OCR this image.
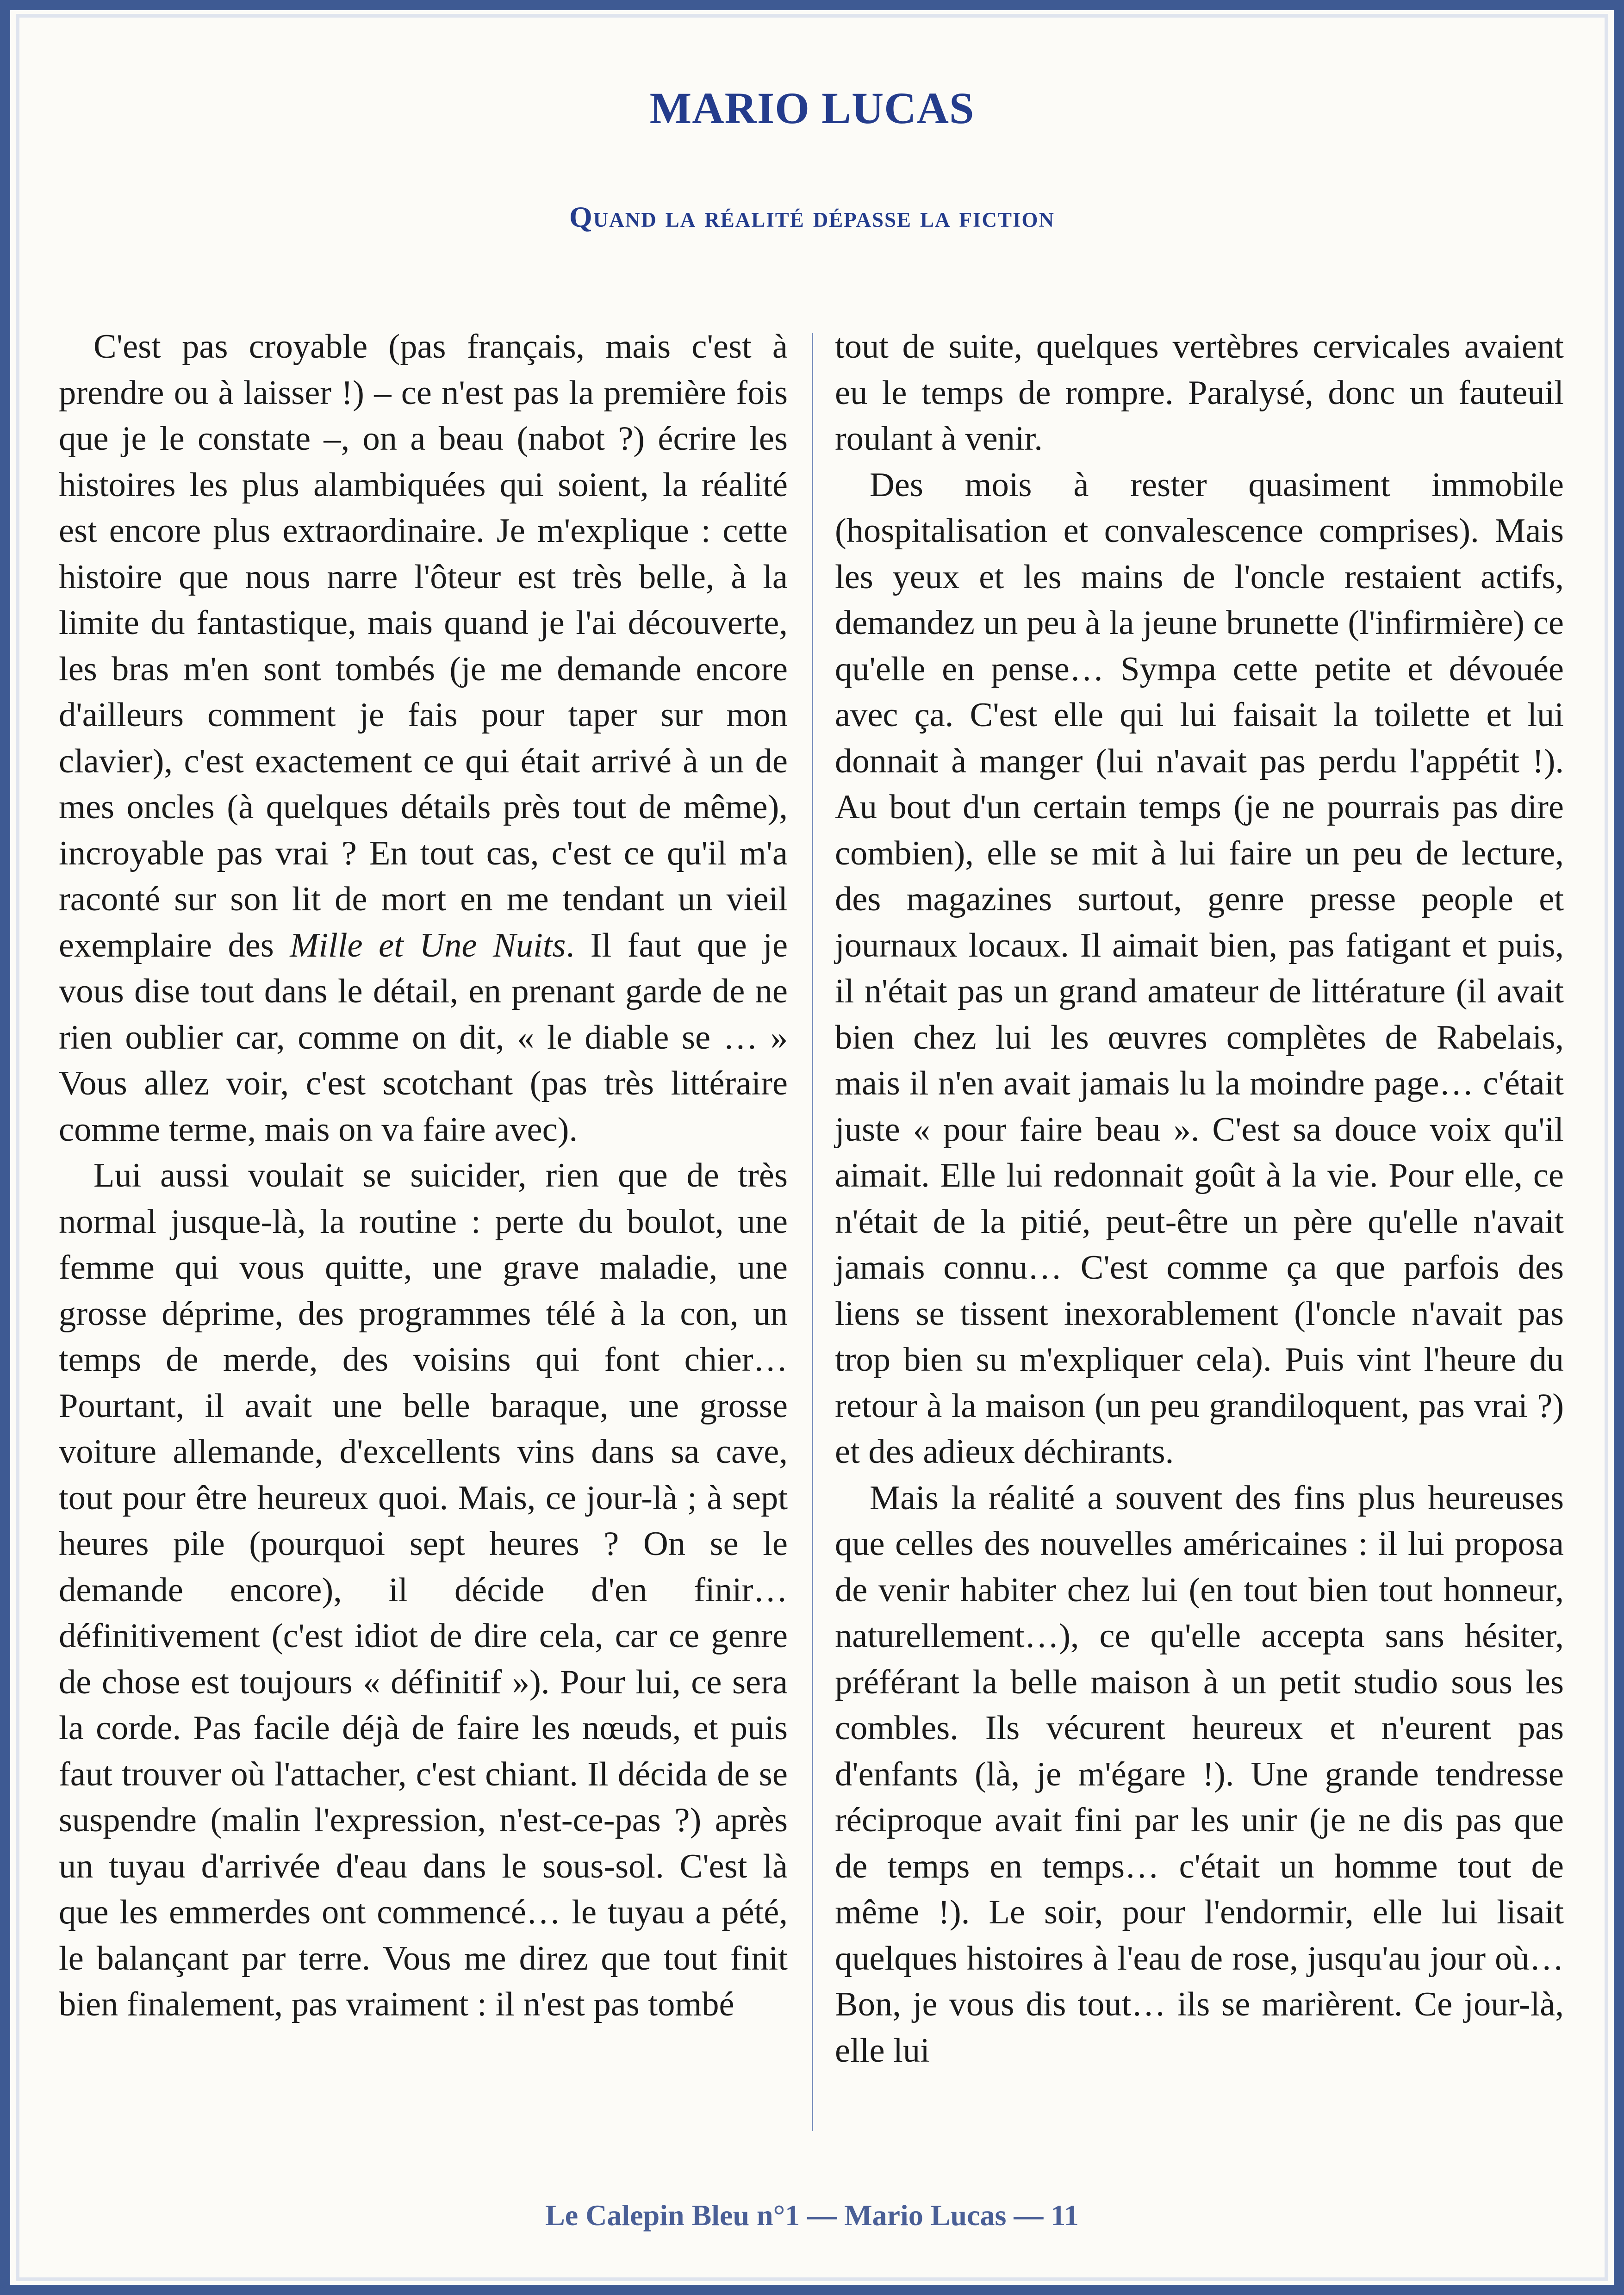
MARIO LUCAS
Quand la réalité dépasse la fiction

C'est pas croyable (pas français, mais c'est à prendre ou à laisser !) – ce n'est pas la première fois que je le constate –, on a beau (nabot ?) écrire les histoires les plus alambiquées qui soient, la réalité est encore plus extraordinaire. Je m'explique : cette histoire que nous narre l'ôteur est très belle, à la limite du fantastique, mais quand je l'ai découverte, les bras m'en sont tombés (je me demande encore d'ailleurs comment je fais pour taper sur mon clavier), c'est exactement ce qui était arrivé à un de mes oncles (à quelques détails près tout de même), incroyable pas vrai ? En tout cas, c'est ce qu'il m'a raconté sur son lit de mort en me tendant un vieil exemplaire des Mille et Une Nuits. Il faut que je vous dise tout dans le détail, en prenant garde de ne rien oublier car, comme on dit, « le diable se … » Vous allez voir, c'est scotchant (pas très littéraire comme terme, mais on va faire avec).

Lui aussi voulait se suicider, rien que de très normal jusque-là, la routine : perte du boulot, une femme qui vous quitte, une grave maladie, une grosse déprime, des programmes télé à la con, un temps de merde, des voisins qui font chier… Pourtant, il avait une belle baraque, une grosse voiture allemande, d'excellents vins dans sa cave, tout pour être heureux quoi. Mais, ce jour-là ; à sept heures pile (pourquoi sept heures ? On se le demande encore), il décide d'en finir… définitivement (c'est idiot de dire cela, car ce genre de chose est toujours « définitif »). Pour lui, ce sera la corde. Pas facile déjà de faire les nœuds, et puis faut trouver où l'attacher, c'est chiant. Il décida de se suspendre (malin l'expression, n'est-ce-pas ?) après un tuyau d'arrivée d'eau dans le sous-sol. C'est là que les emmerdes ont commencé… le tuyau a pété, le balançant par terre. Vous me direz que tout finit bien finalement, pas vraiment : il n'est pas tombé

tout de suite, quelques vertèbres cervicales avaient eu le temps de rompre. Paralysé, donc un fauteuil roulant à venir.

Des mois à rester quasiment immobile (hospitalisation et convalescence comprises). Mais les yeux et les mains de l'oncle restaient actifs, demandez un peu à la jeune brunette (l'infirmière) ce qu'elle en pense… Sympa cette petite et dévouée avec ça. C'est elle qui lui faisait la toilette et lui donnait à manger (lui n'avait pas perdu l'appétit !). Au bout d'un certain temps (je ne pourrais pas dire combien), elle se mit à lui faire un peu de lecture, des magazines surtout, genre presse people et journaux locaux. Il aimait bien, pas fatigant et puis, il n'était pas un grand amateur de littérature (il avait bien chez lui les œuvres complètes de Rabelais, mais il n'en avait jamais lu la moindre page… c'était juste « pour faire beau ». C'est sa douce voix qu'il aimait. Elle lui redonnait goût à la vie. Pour elle, ce n'était de la pitié, peut-être un père qu'elle n'avait jamais connu… C'est comme ça que parfois des liens se tissent inexorablement (l'oncle n'avait pas trop bien su m'expliquer cela). Puis vint l'heure du retour à la maison (un peu grandiloquent, pas vrai ?) et des adieux déchirants.

Mais la réalité a souvent des fins plus heureuses que celles des nouvelles américaines : il lui proposa de venir habiter chez lui (en tout bien tout honneur, naturellement…), ce qu'elle accepta sans hésiter, préférant la belle maison à un petit studio sous les combles. Ils vécurent heureux et n'eurent pas d'enfants (là, je m'égare !). Une grande tendresse réciproque avait fini par les unir (je ne dis pas que de temps en temps… c'était un homme tout de même !). Le soir, pour l'endormir, elle lui lisait quelques histoires à l'eau de rose, jusqu'au jour où… Bon, je vous dis tout… ils se marièrent. Ce jour-là, elle lui

Le Calepin Bleu n°1 — Mario Lucas — 11
